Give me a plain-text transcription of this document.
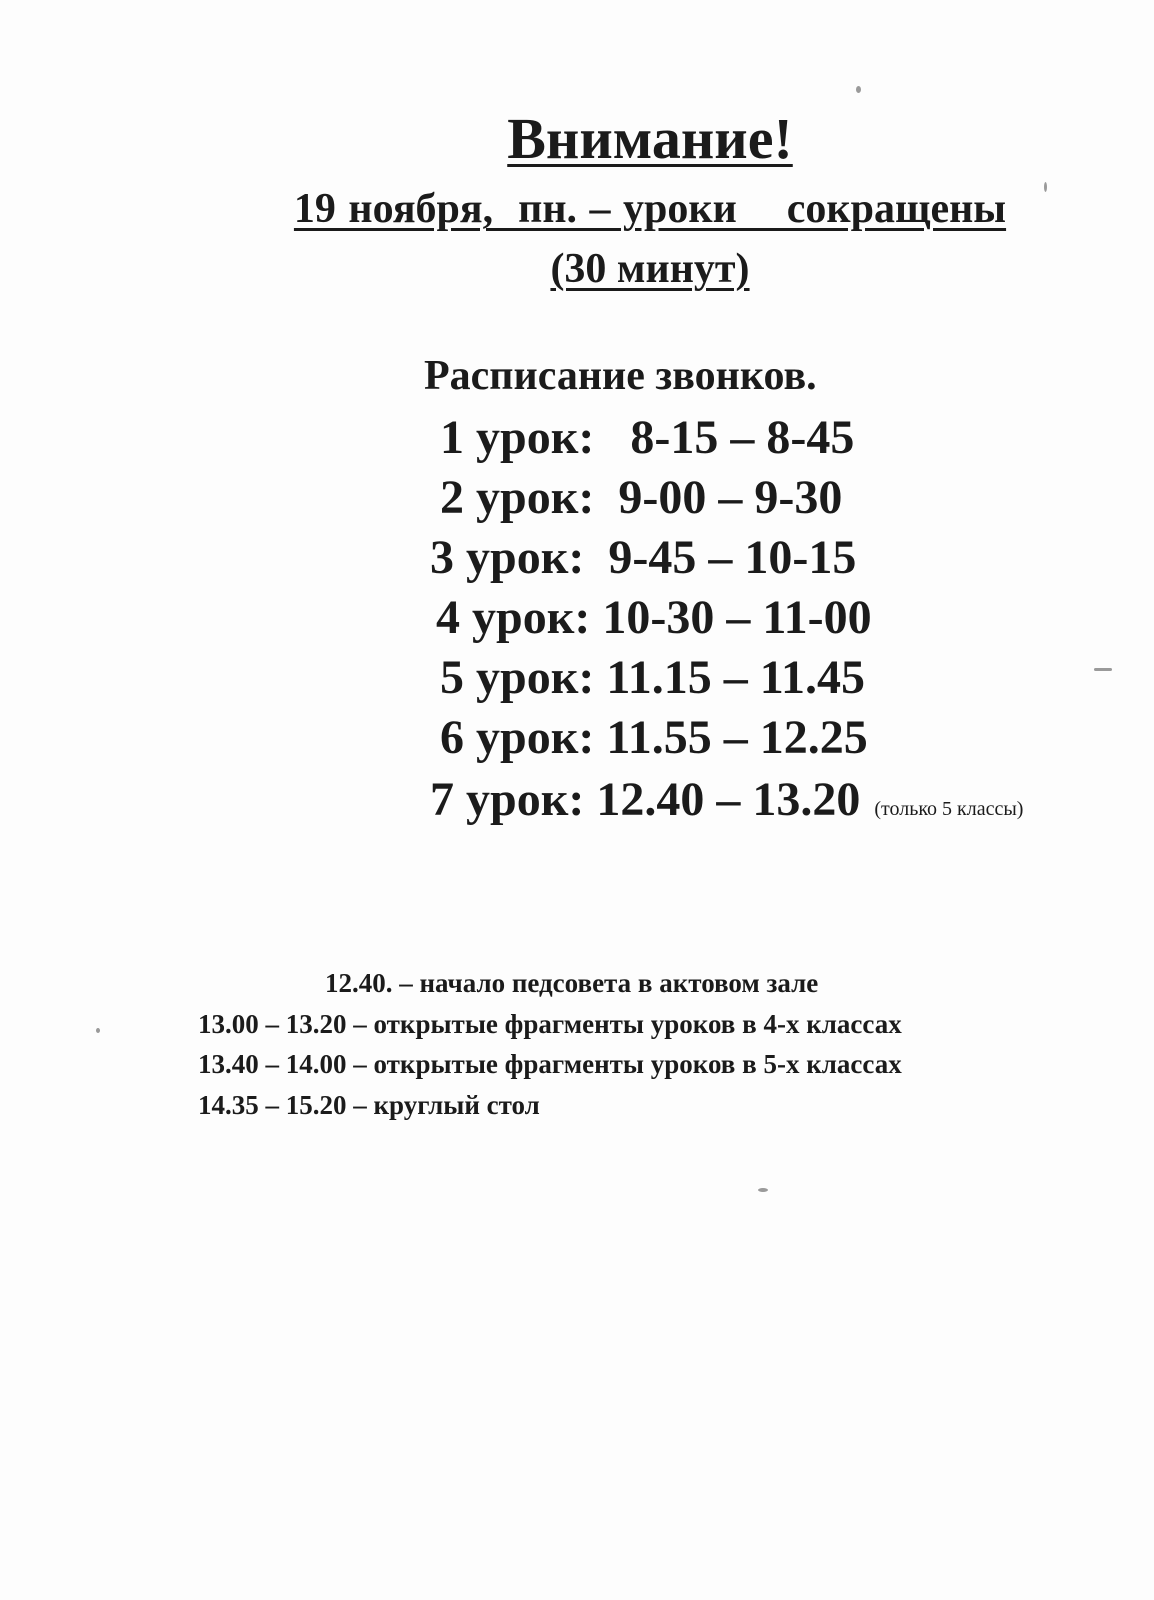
Внимание!
19 ноября,  пн. – уроки    сокращены
(30 минут)
Расписание звонков.
1 урок: 8-15 – 8-45
2 урок: 9-00 – 9-30
3 урок: 9-45 – 10-15
4 урок: 10-30 – 11-00
5 урок: 11.15 – 11.45
6 урок: 11.55 – 12.25
7 урок: 12.40 – 13.20 (только 5 классы)
12.40. – начало педсовета в актовом зале
13.00 – 13.20 – открытые фрагменты уроков в 4-х классах
13.40 – 14.00 – открытые фрагменты уроков в 5-х классах
14.35 – 15.20 – круглый стол
